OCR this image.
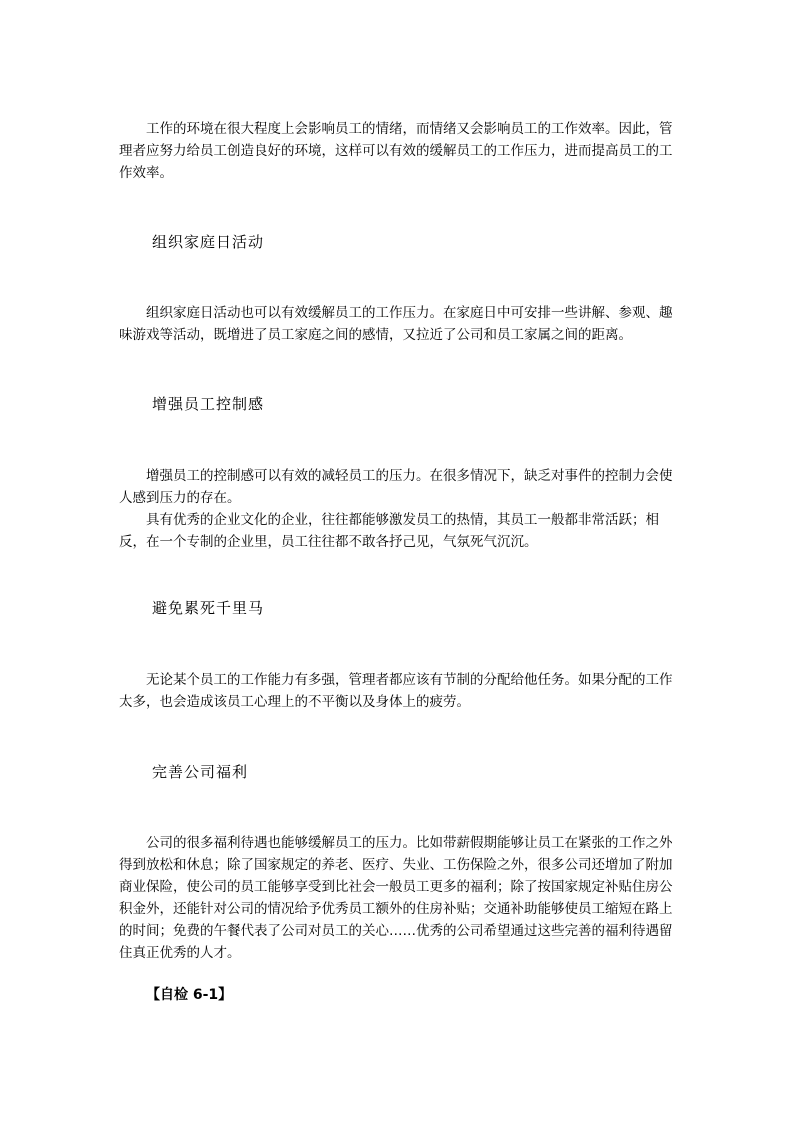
工作的环境在很大程度上会影响员工的情绪，而情绪又会影响员工的工作效率。因此，管理者应努力给员工创造良好的环境，这样可以有效的缓解员工的工作压力，进而提高员工的工作效率。

组织家庭日活动

组织家庭日活动也可以有效缓解员工的工作压力。在家庭日中可安排一些讲解、参观、趣味游戏等活动，既增进了员工家庭之间的感情，又拉近了公司和员工家属之间的距离。

增强员工控制感

增强员工的控制感可以有效的减轻员工的压力。在很多情况下，缺乏对事件的控制力会使人感到压力的存在。

具有优秀的企业文化的企业，往往都能够激发员工的热情，其员工一般都非常活跃；相反，在一个专制的企业里，员工往往都不敢各抒己见，气氛死气沉沉。

避免累死千里马

无论某个员工的工作能力有多强，管理者都应该有节制的分配给他任务。如果分配的工作太多，也会造成该员工心理上的不平衡以及身体上的疲劳。

完善公司福利

公司的很多福利待遇也能够缓解员工的压力。比如带薪假期能够让员工在紧张的工作之外得到放松和休息；除了国家规定的养老、医疗、失业、工伤保险之外，很多公司还增加了附加商业保险，使公司的员工能够享受到比社会一般员工更多的福利；除了按国家规定补贴住房公积金外，还能针对公司的情况给予优秀员工额外的住房补贴；交通补助能够使员工缩短在路上的时间；免费的午餐代表了公司对员工的关心……优秀的公司希望通过这些完善的福利待遇留住真正优秀的人才。

【自检 6-1】
